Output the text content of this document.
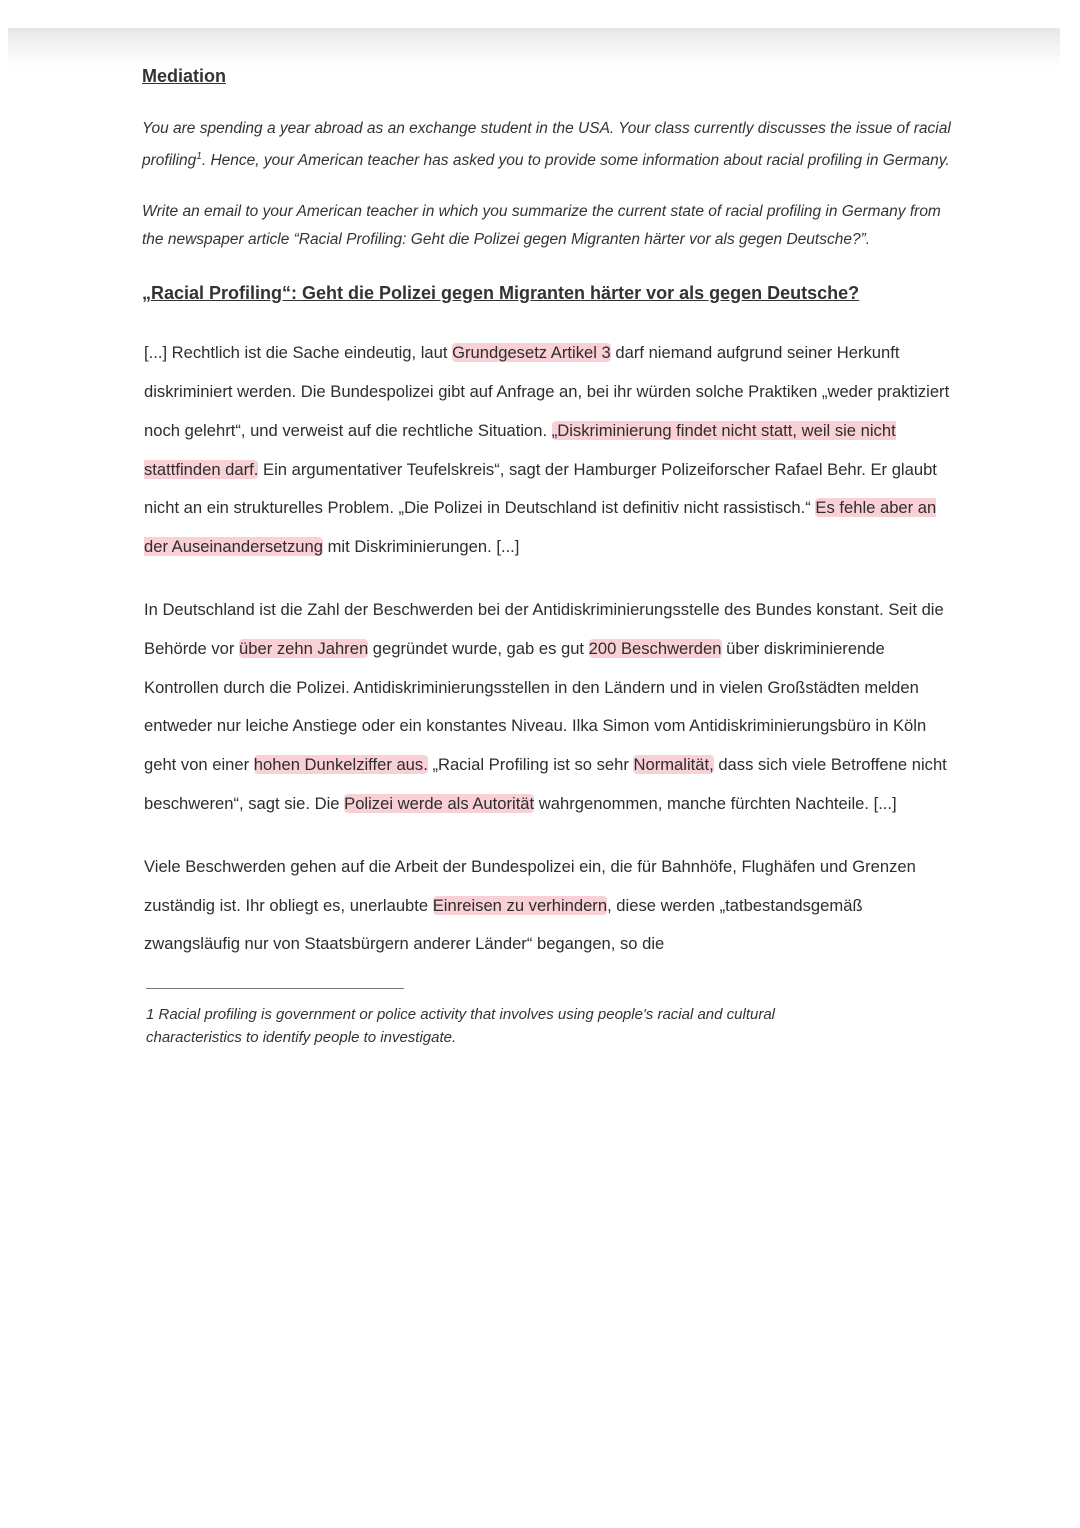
Mediation

You are spending a year abroad as an exchange student in the USA. Your class currently discusses the issue of racial profiling$^1$. Hence, your American teacher has asked you to provide some information about racial profiling in Germany.

Write an email to your American teacher in which you summarize the current state of racial profiling in Germany from the newspaper article “Racial Profiling: Geht die Polizei gegen Migranten härter vor als gegen Deutsche?”.

„Racial Profiling“: Geht die Polizei gegen Migranten härter vor als gegen Deutsche?

[...] Rechtlich ist die Sache eindeutig, laut Grundgesetz Artikel 3 darf niemand aufgrund seiner Herkunft diskriminiert werden. Die Bundespolizei gibt auf Anfrage an, bei ihr würden solche Praktiken „weder praktiziert noch gelehrt“, und verweist auf die rechtliche Situation. „Diskriminierung findet nicht statt, weil sie nicht stattfinden darf. Ein argumentativer Teufelskreis“, sagt der Hamburger Polizeiforscher Rafael Behr. Er glaubt nicht an ein strukturelles Problem. „Die Polizei in Deutschland ist definitiv nicht rassistisch.“ Es fehle aber an der Auseinandersetzung mit Diskriminierungen. [...]

In Deutschland ist die Zahl der Beschwerden bei der Antidiskriminierungsstelle des Bundes konstant. Seit die Behörde vor über zehn Jahren gegründet wurde, gab es gut 200 Beschwerden über diskriminierende Kontrollen durch die Polizei. Antidiskriminierungsstellen in den Ländern und in vielen Großstädten melden entweder nur leiche Anstiege oder ein konstantes Niveau. Ilka Simon vom Antidiskriminierungsbüro in Köln geht von einer hohen Dunkelziffer aus. „Racial Profiling ist so sehr Normalität, dass sich viele Betroffene nicht beschweren“, sagt sie. Die Polizei werde als Autorität wahrgenommen, manche fürchten Nachteile. [...]

Viele Beschwerden gehen auf die Arbeit der Bundespolizei ein, die für Bahnhöfe, Flughäfen und Grenzen zuständig ist. Ihr obliegt es, unerlaubte Einreisen zu verhindern, diese werden „tatbestandsgemäß zwangsläufig nur von Staatsbürgern anderer Länder“ begangen, so die

1 Racial profiling is government or police activity that involves using people's racial and cultural characteristics to identify people to investigate.
